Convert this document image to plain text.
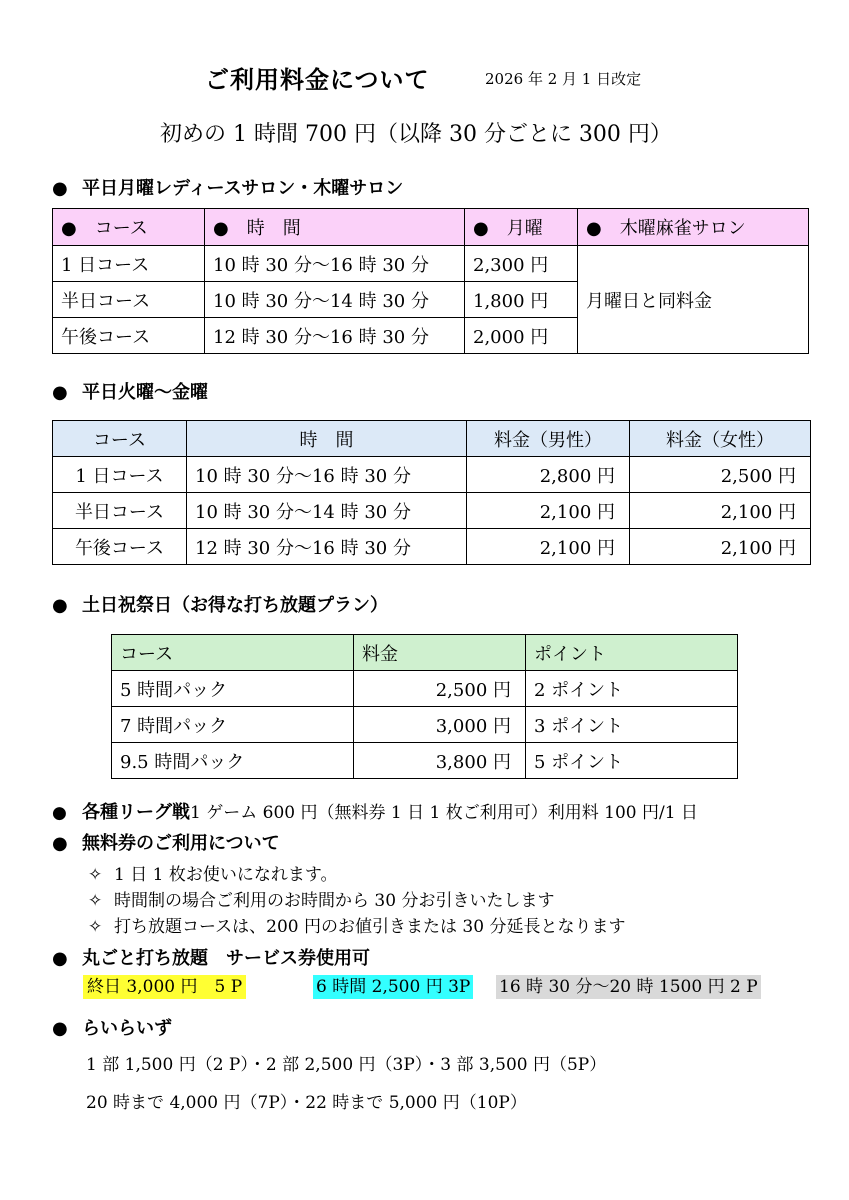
ご利用料金について	2026 年 2 月 1 日改定
初めの 1 時間 700 円（以降 30 分ごとに 300 円）
● 平日月曜レディースサロン・木曜サロン
●　コース	●　時　間	●　月曜	●　木曜麻雀サロン
1 日コース	10 時 30 分～16 時 30 分	2,300 円	月曜日と同料金
半日コース	10 時 30 分～14 時 30 分	1,800 円	
午後コース	12 時 30 分～16 時 30 分	2,000 円	
● 平日火曜～金曜
コース	時　間	料金（男性）	料金（女性）
1 日コース	10 時 30 分～16 時 30 分	2,800 円	2,500 円
半日コース	10 時 30 分～14 時 30 分	2,100 円	2,100 円
午後コース	12 時 30 分～16 時 30 分	2,100 円	2,100 円
● 土日祝祭日（お得な打ち放題プラン）
コース	料金	ポイント
5 時間パック	2,500 円	2 ポイント
7 時間パック	3,000 円	3 ポイント
9.5 時間パック	3,800 円	5 ポイント
● 各種リーグ戦1 ゲーム 600 円（無料券 1 日 1 枚ご利用可）利用料 100 円/1 日
● 無料券のご利用について
✧ 1 日 1 枚お使いになれます。
✧ 時間制の場合ご利用のお時間から 30 分お引きいたします
✧ 打ち放題コースは、200 円のお値引きまたは 30 分延長となります
● 丸ごと打ち放題　サービス券使用可
終日 3,000 円　5 P	6 時間 2,500 円 3P 16 時 30 分～20 時 1500 円 2 P
● らいらいず
1 部 1,500 円（2 P）・2 部 2,500 円（3P）・3 部 3,500 円（5P）
20 時まで 4,000 円（7P）・22 時まで 5,000 円（10P）
